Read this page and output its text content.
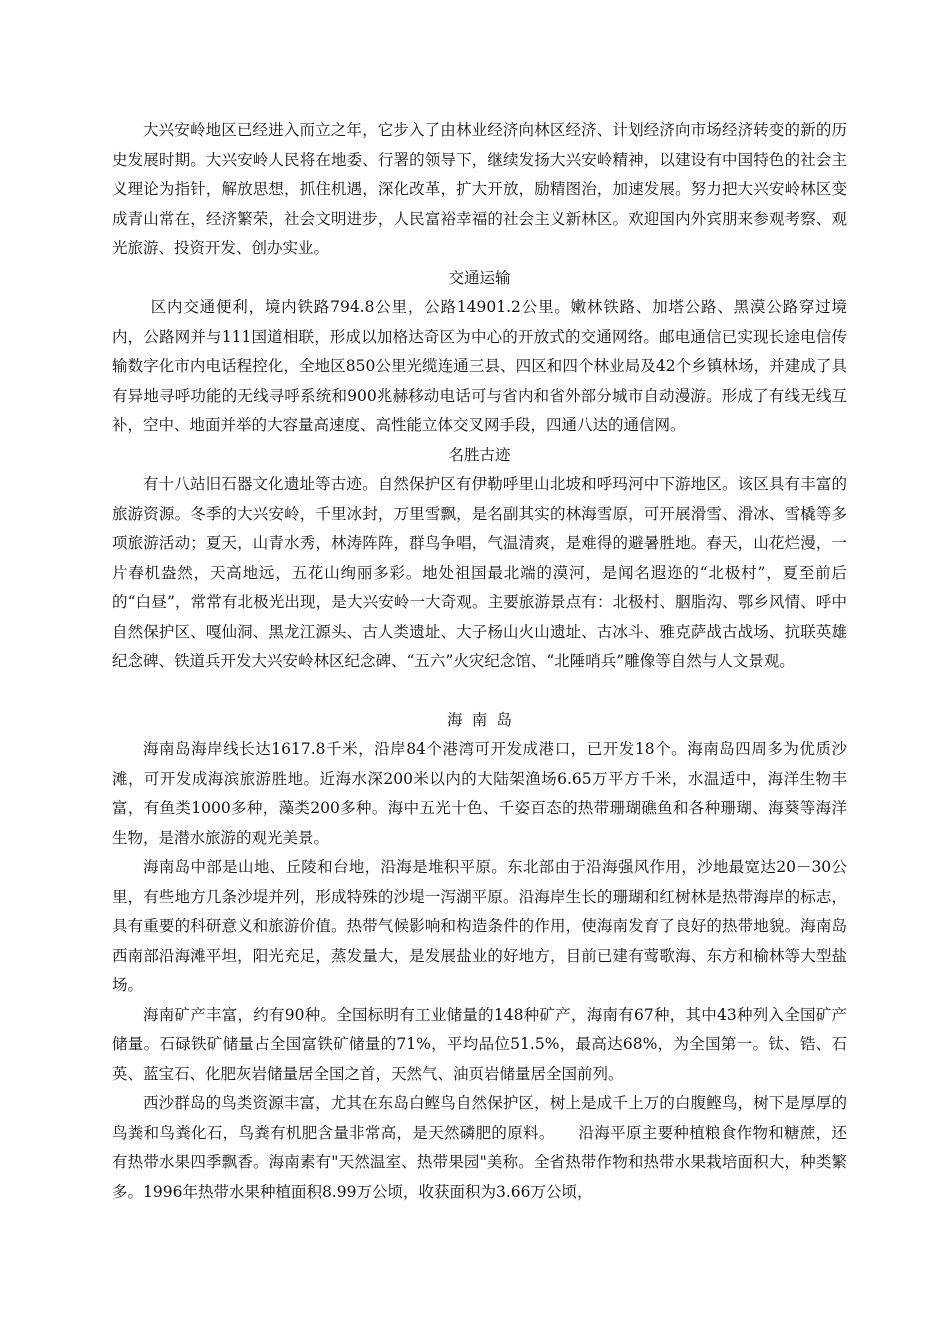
大兴安岭地区已经进入而立之年，它步入了由林业经济向林区经济、计划经济向市场经济转变的新的历史发展时期。大兴安岭人民将在地委、行署的领导下，继续发扬大兴安岭精神，以建设有中国特色的社会主义理论为指针，解放思想，抓住机遇，深化改革，扩大开放，励精图治，加速发展。努力把大兴安岭林区变成青山常在，经济繁荣，社会文明进步，人民富裕幸福的社会主义新林区。欢迎国内外宾朋来参观考察、观光旅游、投资开发、创办实业。

交通运输

区内交通便利，境内铁路794.8公里，公路14901.2公里。嫩林铁路、加塔公路、黑漠公路穿过境内，公路网并与111国道相联，形成以加格达奇区为中心的开放式的交通网络。邮电通信已实现长途电信传输数字化市内电话程控化，全地区850公里光缆连通三县、四区和四个林业局及42个乡镇林场，并建成了具有异地寻呼功能的无线寻呼系统和900兆赫移动电话可与省内和省外部分城市自动漫游。形成了有线无线互补，空中、地面并举的大容量高速度、高性能立体交叉网手段，四通八达的通信网。

名胜古迹

有十八站旧石器文化遗址等古迹。自然保护区有伊勒呼里山北坡和呼玛河中下游地区。该区具有丰富的旅游资源。冬季的大兴安岭，千里冰封，万里雪飘，是名副其实的林海雪原，可开展滑雪、滑冰、雪橇等多项旅游活动；夏天，山青水秀，林涛阵阵，群鸟争唱，气温清爽，是难得的避暑胜地。春天，山花烂漫，一片春机盎然，天高地远，五花山绚丽多彩。地处祖国最北端的漠河，是闻名遐迩的“北极村”，夏至前后的“白昼”，常常有北极光出现，是大兴安岭一大奇观。主要旅游景点有：北极村、胭脂沟、鄂乡风情、呼中自然保护区、嘎仙洞、黑龙江源头、古人类遗址、大子杨山火山遗址、古冰斗、雅克萨战古战场、抗联英雄纪念碑、铁道兵开发大兴安岭林区纪念碑、“五六”火灾纪念馆、“北陲哨兵”雕像等自然与人文景观。

海南岛

海南岛海岸线长达1617.8千米，沿岸84个港湾可开发成港口，已开发18个。海南岛四周多为优质沙滩，可开发成海滨旅游胜地。近海水深200米以内的大陆架渔场6.65万平方千米，水温适中，海洋生物丰富，有鱼类1000多种，藻类200多种。海中五光十色、千姿百态的热带珊瑚礁鱼和各种珊瑚、海葵等海洋生物，是潜水旅游的观光美景。

海南岛中部是山地、丘陵和台地，沿海是堆积平原。东北部由于沿海强风作用，沙地最宽达20－30公里，有些地方几条沙堤并列，形成特殊的沙堤一泻湖平原。沿海岸生长的珊瑚和红树林是热带海岸的标志，具有重要的科研意义和旅游价值。热带气候影响和构造条件的作用，使海南发育了良好的热带地貌。海南岛西南部沿海滩平坦，阳光充足，蒸发量大，是发展盐业的好地方，目前已建有莺歌海、东方和榆林等大型盐场。

海南矿产丰富，约有90种。全国标明有工业储量的148种矿产，海南有67种，其中43种列入全国矿产储量。石碌铁矿储量占全国富铁矿储量的71%，平均品位51.5%，最高达68%，为全国第一。钛、锆、石英、蓝宝石、化肥灰岩储量居全国之首，天然气、油页岩储量居全国前列。

西沙群岛的鸟类资源丰富，尤其在东岛白鲣鸟自然保护区，树上是成千上万的白腹鲣鸟，树下是厚厚的鸟粪和鸟粪化石，鸟粪有机肥含量非常高，是天然磷肥的原料。　　沿海平原主要种植粮食作物和糖蔗，还有热带水果四季飘香。海南素有"天然温室、热带果园"美称。全省热带作物和热带水果栽培面积大，种类繁多。1996年热带水果种植面积8.99万公顷，收获面积为3.66万公顷，
